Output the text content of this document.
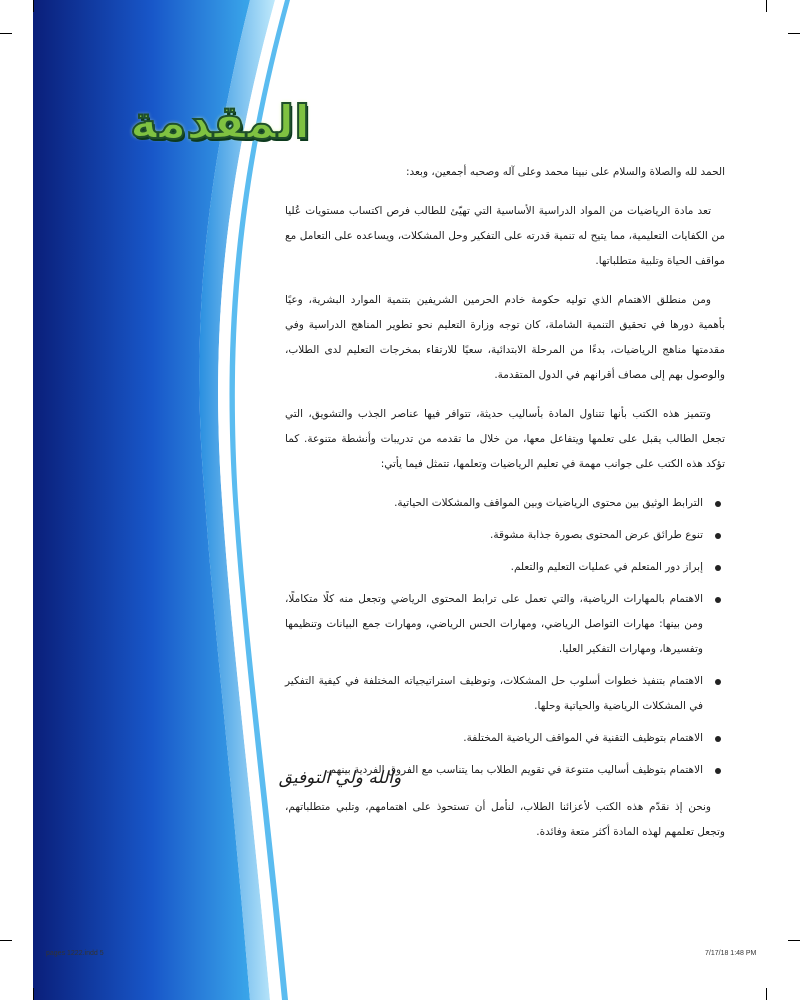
المقدمة

الحمد لله والصلاة والسلام على نبينا محمد وعلى آله وصحبه أجمعين، وبعد:

تعد مادة الرياضيات من المواد الدراسية الأساسية التي تهيّئ للطالب فرص اكتساب مستويات عُليا من الكفايات التعليمية، مما يتيح له تنمية قدرته على التفكير وحل المشكلات، ويساعده على التعامل مع مواقف الحياة وتلبية متطلباتها.

ومن منطلق الاهتمام الذي توليه حكومة خادم الحرمين الشريفين بتنمية الموارد البشرية، وعيًا بأهمية دورها في تحقيق التنمية الشاملة، كان توجه وزارة التعليم نحو تطوير المناهج الدراسية وفي مقدمتها مناهج الرياضيات، بدءًا من المرحلة الابتدائية، سعيًا للارتقاء بمخرجات التعليم لدى الطلاب، والوصول بهم إلى مصاف أقرانهم في الدول المتقدمة.

وتتميز هذه الكتب بأنها تتناول المادة بأساليب حديثة، تتوافر فيها عناصر الجذب والتشويق، التي تجعل الطالب يقبل على تعلمها ويتفاعل معها، من خلال ما تقدمه من تدريبات وأنشطة متنوعة. كما تؤكد هذه الكتب على جوانب مهمة في تعليم الرياضيات وتعلمها، تتمثل فيما يأتي:

الترابط الوثيق بين محتوى الرياضيات وبين المواقف والمشكلات الحياتية.
تنوع طرائق عرض المحتوى بصورة جذابة مشوقة.
إبراز دور المتعلم في عمليات التعليم والتعلم.
الاهتمام بالمهارات الرياضية، والتي تعمل على ترابط المحتوى الرياضي وتجعل منه كلًا متكاملًا، ومن بينها: مهارات التواصل الرياضي، ومهارات الحس الرياضي، ومهارات جمع البيانات وتنظيمها وتفسيرها، ومهارات التفكير العليا.
الاهتمام بتنفيذ خطوات أسلوب حل المشكلات، وتوظيف استراتيجياته المختلفة في كيفية التفكير في المشكلات الرياضية والحياتية وحلها.
الاهتمام بتوظيف التقنية في المواقف الرياضية المختلفة.
الاهتمام بتوظيف أساليب متنوعة في تقويم الطلاب بما يتناسب مع الفروق الفردية بينهم.

ونحن إذ نقدّم هذه الكتب لأعزائنا الطلاب، لنأمل أن تستحوذ على اهتمامهم، وتلبي متطلباتهم، وتجعل تعلمهم لهذه المادة أكثر متعة وفائدة.

والله ولي التوفيق
pages 1222.indd 5	7/17/18 1:48 PM
